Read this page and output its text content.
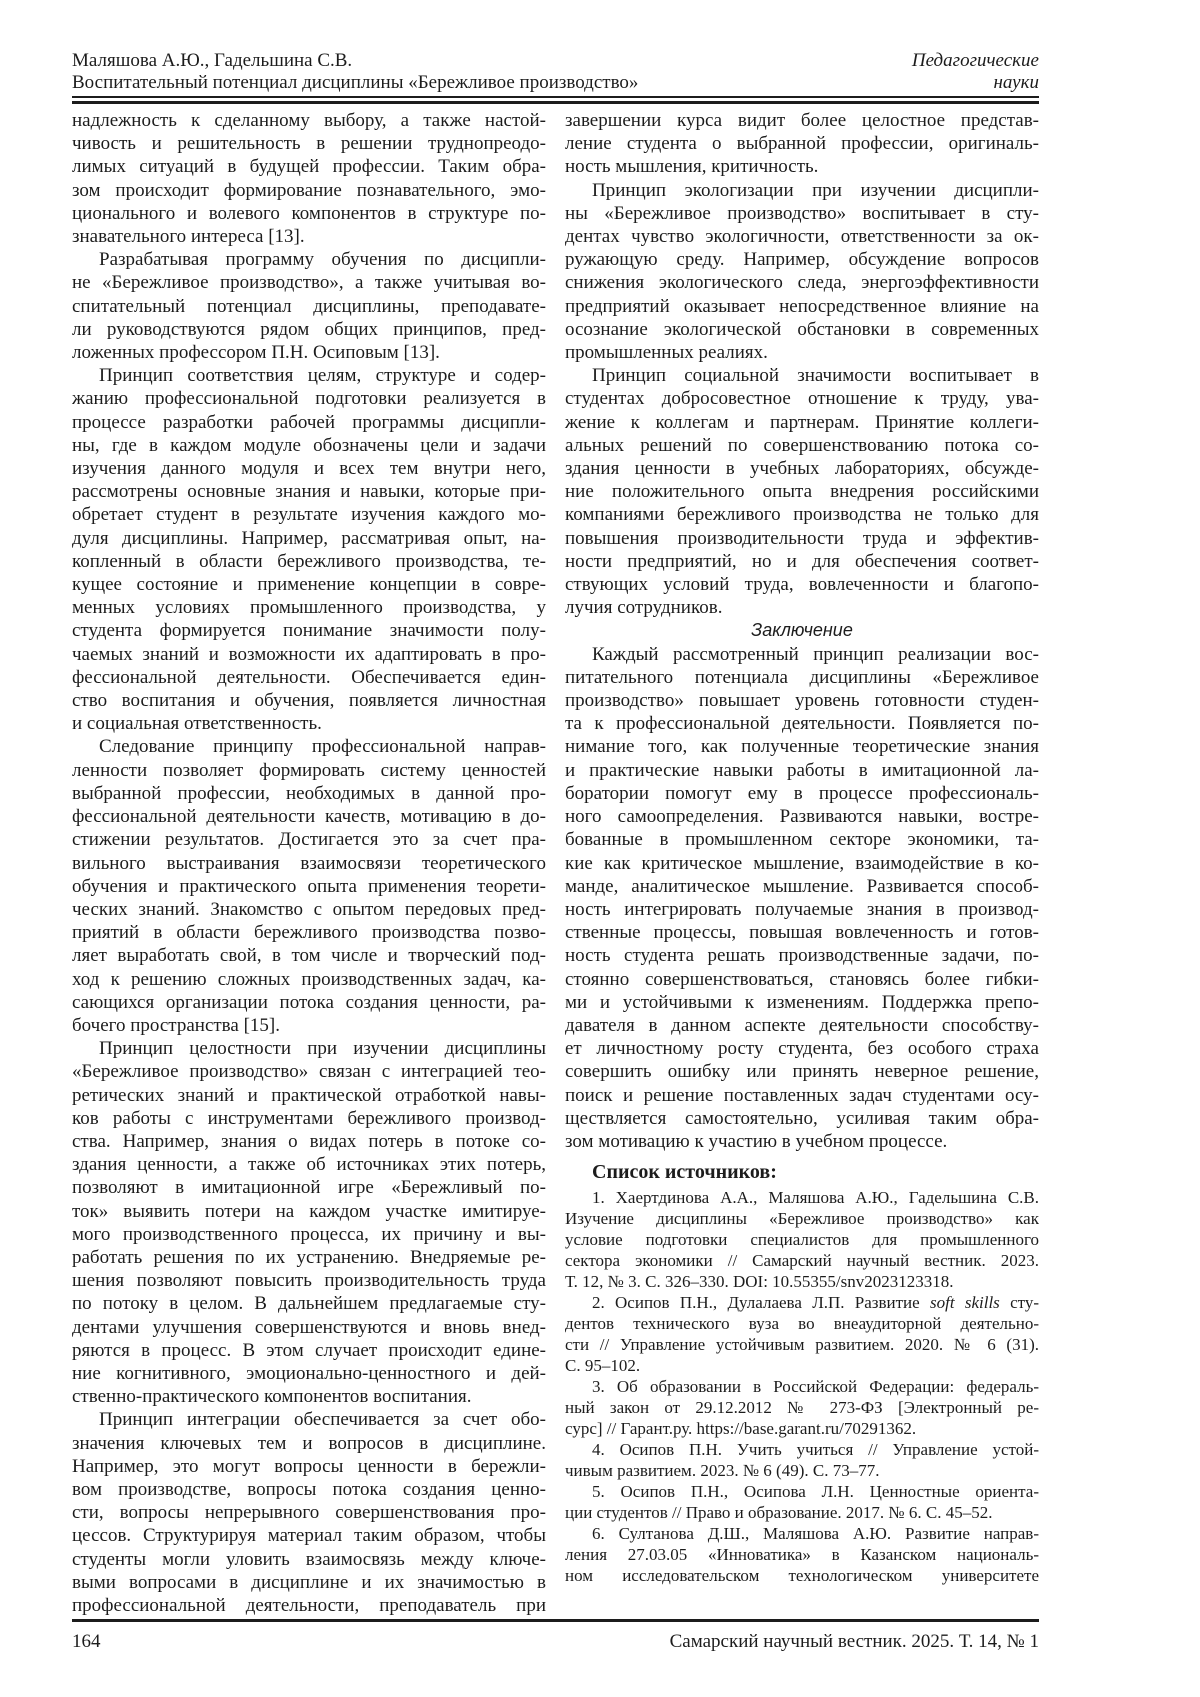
Маляшова А.Ю., Гадельшина С.В.
Воспитательный потенциал дисциплины «Бережливое производство»
Педагогические
науки
надлежность к сделанному выбору, а также настой-
чивость и решительность в решении труднопреодо-
лимых ситуаций в будущей профессии. Таким обра-
зом происходит формирование познавательного, эмо-
ционального и волевого компонентов в структуре по-
знавательного интереса [13].
Разрабатывая программу обучения по дисципли-
не «Бережливое производство», а также учитывая во-
спитательный потенциал дисциплины, преподавате-
ли руководствуются рядом общих принципов, пред-
ложенных профессором П.Н. Осиповым [13].
Принцип соответствия целям, структуре и содер-
жанию профессиональной подготовки реализуется в
процессе разработки рабочей программы дисципли-
ны, где в каждом модуле обозначены цели и задачи
изучения данного модуля и всех тем внутри него,
рассмотрены основные знания и навыки, которые при-
обретает студент в результате изучения каждого мо-
дуля дисциплины. Например, рассматривая опыт, на-
копленный в области бережливого производства, те-
кущее состояние и применение концепции в совре-
менных условиях промышленного производства, у
студента формируется понимание значимости полу-
чаемых знаний и возможности их адаптировать в про-
фессиональной деятельности. Обеспечивается един-
ство воспитания и обучения, появляется личностная
и социальная ответственность.
Следование принципу профессиональной направ-
ленности позволяет формировать систему ценностей
выбранной профессии, необходимых в данной про-
фессиональной деятельности качеств, мотивацию в до-
стижении результатов. Достигается это за счет пра-
вильного выстраивания взаимосвязи теоретического
обучения и практического опыта применения теорети-
ческих знаний. Знакомство с опытом передовых пред-
приятий в области бережливого производства позво-
ляет выработать свой, в том числе и творческий под-
ход к решению сложных производственных задач, ка-
сающихся организации потока создания ценности, ра-
бочего пространства [15].
Принцип целостности при изучении дисциплины
«Бережливое производство» связан с интеграцией тео-
ретических знаний и практической отработкой навы-
ков работы с инструментами бережливого производ-
ства. Например, знания о видах потерь в потоке со-
здания ценности, а также об источниках этих потерь,
позволяют в имитационной игре «Бережливый по-
ток» выявить потери на каждом участке имитируе-
мого производственного процесса, их причину и вы-
работать решения по их устранению. Внедряемые ре-
шения позволяют повысить производительность труда
по потоку в целом. В дальнейшем предлагаемые сту-
дентами улучшения совершенствуются и вновь внед-
ряются в процесс. В этом случает происходит едине-
ние когнитивного, эмоционально-ценностного и дей-
ственно-практического компонентов воспитания.
Принцип интеграции обеспечивается за счет обо-
значения ключевых тем и вопросов в дисциплине.
Например, это могут вопросы ценности в бережли-
вом производстве, вопросы потока создания ценно-
сти, вопросы непрерывного совершенствования про-
цессов. Структурируя материал таким образом, чтобы
студенты могли уловить взаимосвязь между ключе-
выми вопросами в дисциплине и их значимостью в
профессиональной деятельности, преподаватель при
завершении курса видит более целостное представ-
ление студента о выбранной профессии, оригиналь-
ность мышления, критичность.
Принцип экологизации при изучении дисципли-
ны «Бережливое производство» воспитывает в сту-
дентах чувство экологичности, ответственности за ок-
ружающую среду. Например, обсуждение вопросов
снижения экологического следа, энергоэффективности
предприятий оказывает непосредственное влияние на
осознание экологической обстановки в современных
промышленных реалиях.
Принцип социальной значимости воспитывает в
студентах добросовестное отношение к труду, ува-
жение к коллегам и партнерам. Принятие коллеги-
альных решений по совершенствованию потока со-
здания ценности в учебных лабораториях, обсужде-
ние положительного опыта внедрения российскими
компаниями бережливого производства не только для
повышения производительности труда и эффектив-
ности предприятий, но и для обеспечения соответ-
ствующих условий труда, вовлеченности и благопо-
лучия сотрудников.
Заключение
Каждый рассмотренный принцип реализации вос-
питательного потенциала дисциплины «Бережливое
производство» повышает уровень готовности студен-
та к профессиональной деятельности. Появляется по-
нимание того, как полученные теоретические знания
и практические навыки работы в имитационной ла-
боратории помогут ему в процессе профессиональ-
ного самоопределения. Развиваются навыки, востре-
бованные в промышленном секторе экономики, та-
кие как критическое мышление, взаимодействие в ко-
манде, аналитическое мышление. Развивается способ-
ность интегрировать получаемые знания в производ-
ственные процессы, повышая вовлеченность и готов-
ность студента решать производственные задачи, по-
стоянно совершенствоваться, становясь более гибки-
ми и устойчивыми к изменениям. Поддержка препо-
давателя в данном аспекте деятельности способству-
ет личностному росту студента, без особого страха
совершить ошибку или принять неверное решение,
поиск и решение поставленных задач студентами осу-
ществляется самостоятельно, усиливая таким обра-
зом мотивацию к участию в учебном процессе.
Список источников:
1. Хаертдинова А.А., Маляшова А.Ю., Гадельшина С.В.
Изучение дисциплины «Бережливое производство» как
условие подготовки специалистов для промышленного
сектора экономики // Самарский научный вестник. 2023.
Т. 12, № 3. С. 326–330. DOI: 10.55355/snv2023123318.
2. Осипов П.Н., Дулалаева Л.П. Развитие soft skills сту-
дентов технического вуза во внеаудиторной деятельно-
сти // Управление устойчивым развитием. 2020. № 6 (31).
С. 95–102.
3. Об образовании в Российской Федерации: федераль-
ный закон от 29.12.2012 № 273-ФЗ [Электронный ре-
сурс] // Гарант.ру. https://base.garant.ru/70291362.
4. Осипов П.Н. Учить учиться // Управление устой-
чивым развитием. 2023. № 6 (49). С. 73–77.
5. Осипов П.Н., Осипова Л.Н. Ценностные ориента-
ции студентов // Право и образование. 2017. № 6. С. 45–52.
6. Султанова Д.Ш., Маляшова А.Ю. Развитие направ-
ления 27.03.05 «Инноватика» в Казанском националь-
ном исследовательском технологическом университете
164	Самарский научный вестник. 2025. Т. 14, № 1
